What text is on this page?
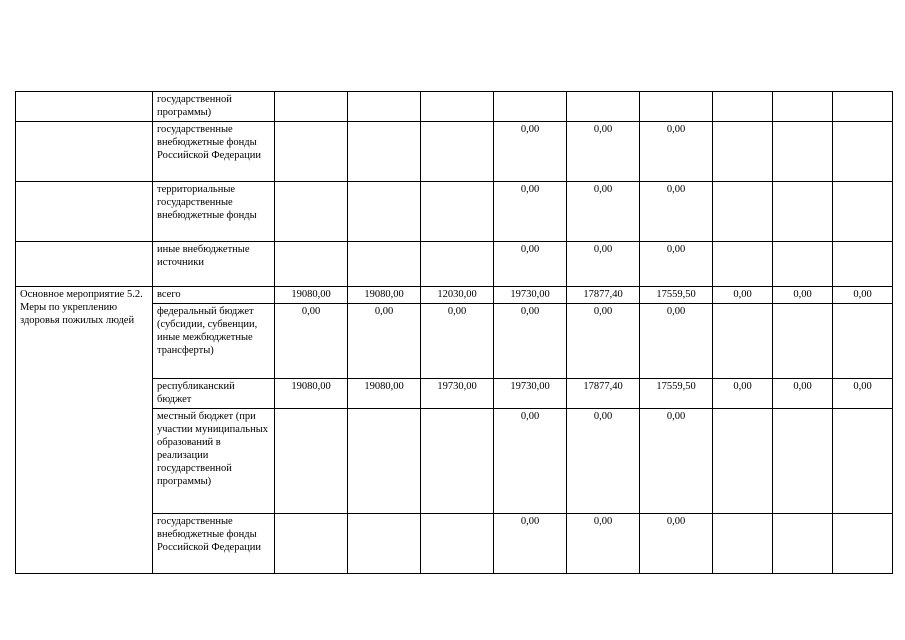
	государственной программы)									
	государственные внебюджетные фонды Российской Федерации				0,00	0,00	0,00			
	территориальные государственные внебюджетные фонды				0,00	0,00	0,00			
	иные внебюджетные источники				0,00	0,00	0,00			
Основное мероприятие 5.2. Меры по укреплению здоровья пожилых людей	всего	19080,00	19080,00	12030,00	19730,00	17877,40	17559,50	0,00	0,00	0,00
	федеральный бюджет (субсидии, субвенции, иные межбюджетные трансферты)	0,00	0,00	0,00	0,00	0,00	0,00			
	республиканский бюджет	19080,00	19080,00	19730,00	19730,00	17877,40	17559,50	0,00	0,00	0,00
	местный бюджет (при участии муниципальных образований в реализации государственной программы)				0,00	0,00	0,00			
	государственные внебюджетные фонды Российской Федерации				0,00	0,00	0,00			
